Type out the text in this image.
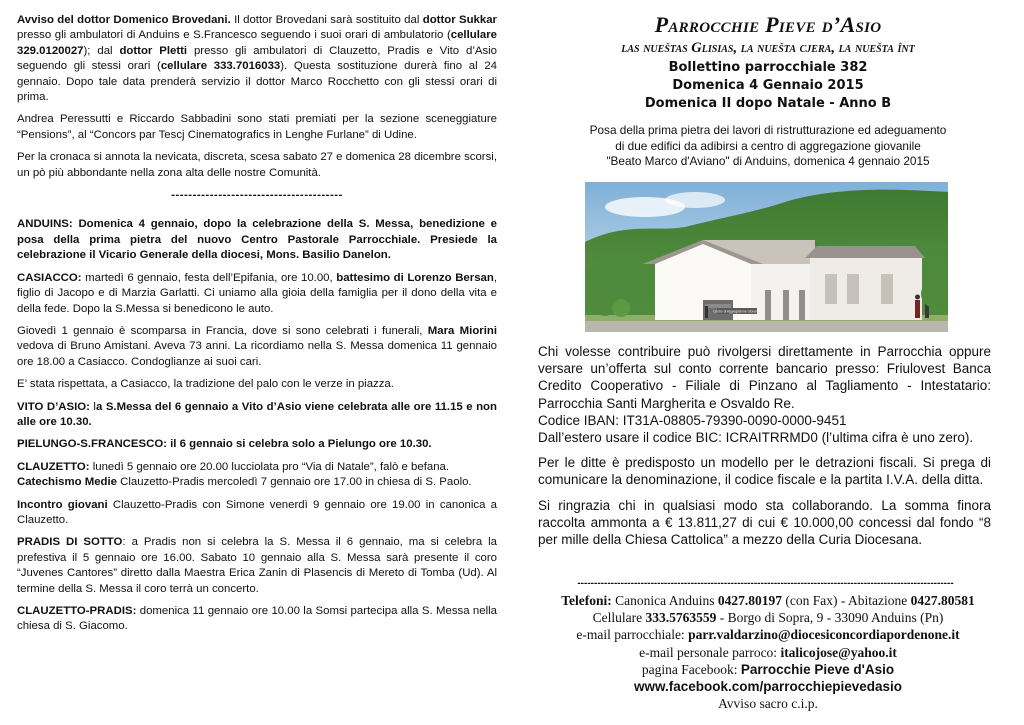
Avviso del dottor Domenico Brovedani. Il dottor Brovedani sarà sostituito dal dottor Sukkar presso gli ambulatori di Anduins e S.Francesco seguendo i suoi orari di ambulatorio (cellulare 329.0120027); dal dottor Pletti presso gli ambulatori di Clauzetto, Pradis e Vito d’Asio seguendo gli stessi orari (cellulare 333.7016033). Questa sostituzione durerà fino al 24 gennaio. Dopo tale data prenderà servizio il dottor Marco Rocchetto con gli stessi orari di prima.

Andrea Peressutti e Riccardo Sabbadini sono stati premiati per la sezione sceneggiature “Pensions”, al “Concors par Tescj Cinematografics in Lenghe Furlane” di Udine.

Per la cronaca si annota la nevicata, discreta, scesa sabato 27 e domenica 28 dicembre scorsi, un pò più abbondante nella zona alta delle nostre Comunità.

----------------------------------------

ANDUINS: Domenica 4 gennaio, dopo la celebrazione della S. Messa, benedizione e posa della prima pietra del nuovo Centro Pastorale Parrocchiale. Presiede la celebrazione il Vicario Generale della diocesi, Mons. Basilio Danelon.

CASIACCO: martedì 6 gennaio, festa dell’Epifania, ore 10.00, battesimo di Lorenzo Bersan, figlio di Jacopo e di Marzia Garlatti. Ci uniamo alla gioia della famiglia per il dono della vita e della fede. Dopo la S.Messa si benedicono le auto.

Giovedì 1 gennaio è scomparsa in Francia, dove si sono celebrati i funerali, Mara Miorini vedova di Bruno Amistani. Aveva 73 anni. La ricordiamo nella S. Messa domenica 11 gennaio ore 18.00 a Casiacco. Condoglianze ai suoi cari.

E’ stata rispettata, a Casiacco, la tradizione del palo con le verze in piazza.

VITO D’ASIO: la S.Messa del 6 gennaio a Vito d’Asio viene celebrata alle ore 11.15 e non alle ore 10.30.

PIELUNGO-S.FRANCESCO: il 6 gennaio si celebra solo a Pielungo ore 10.30.

CLAUZETTO: lunedì 5 gennaio ore 20.00 lucciolata pro “Via di Natale”, falò e befana.
Catechismo Medie Clauzetto-Pradis mercoledì 7 gennaio ore 17.00 in chiesa di S. Paolo.

Incontro giovani Clauzetto-Pradis con Simone venerdì 9 gennaio ore 19.00 in canonica a Clauzetto.

PRADIS DI SOTTO: a Pradis non si celebra la S. Messa il 6 gennaio, ma si celebra la prefestiva il 5 gennaio ore 16.00. Sabato 10 gennaio alla S. Messa sarà presente il coro “Juvenes Cantores” diretto dalla Maestra Erica Zanin di Plasencis di Mereto di Tomba (Ud). Al termine della S. Messa il coro terrà un concerto.

CLAUZETTO-PRADIS: domenica 11 gennaio ore 10.00 la Somsi partecipa alla S. Messa nella chiesa di S. Giacomo.

Parrocchie Pieve d’Asio
las nueštas Glisias, la nuešta cjera, la nuešta înt
Bollettino parrocchiale 382
Domenica 4 Gennaio 2015
Domenica II dopo Natale - Anno B
Posa della prima pietra dei lavori di ristrutturazione ed adeguamento
di due edifici da adibirsi a centro di aggregazione giovanile
"Beato Marco d'Aviano" di Anduins, domenica 4 gennaio 2015
Centro di Aggregazione Giovanile

Chi volesse contribuire può rivolgersi direttamente in Parrocchia oppure versare un’offerta sul conto corrente bancario presso: Friulovest Banca Credito Cooperativo - Filiale di Pinzano al Tagliamento - Intestatario: Parrocchia Santi Margherita e Osvaldo Re.

Codice IBAN: IT31A-08805-79390-0090-0000-9451
Dall’estero usare il codice BIC: ICRAITRRMD0 (l’ultima cifra è uno zero).

Per le ditte è predisposto un modello per le detrazioni fiscali. Si prega di comunicare la denominazione, il codice fiscale e la partita I.V.A. della ditta.

Si ringrazia chi in qualsiasi modo sta collaborando. La somma finora raccolta ammonta a € 13.811,27 di cui € 10.000,00 concessi dal fondo “8 per mille della Chiesa Cattolica” a mezzo della Curia Diocesana.

-----------------------------------------------------------------------------------------------------------------
Telefoni: Canonica Anduins 0427.80197 (con Fax) - Abitazione 0427.80581
Cellulare 333.5763559 - Borgo di Sopra, 9 - 33090 Anduins (Pn)
e-mail parrocchiale: parr.valdarzino@diocesiconcordiapordenone.it
e-mail personale parroco: italicojose@yahoo.it
pagina Facebook: Parrocchie Pieve d'Asio
www.facebook.com/parrocchiepievedasio
Avviso sacro c.i.p.
